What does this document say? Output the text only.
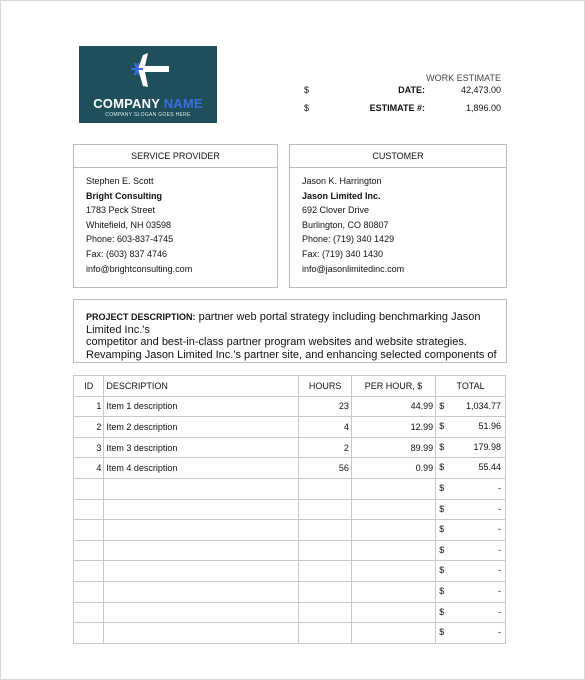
COMPANY NAME
COMPANY SLOGAN GOES HERE
WORK ESTIMATE
DATE:
$	42,473.00
ESTIMATE #:
$	1,896.00
SERVICE PROVIDER
Stephen E. Scott
Bright Consulting
1783 Peck Street
Whitefield, NH 03598
Phone: 603-837-4745
Fax: (603) 837 4746
info@brightconsulting.com
CUSTOMER
Jason K. Harrington
Jason Limited Inc.
692 Clover Drive
Burlington, CO 80807
Phone: (719) 340 1429
Fax: (719) 340 1430
info@jasonlimitedinc.com
PROJECT DESCRIPTION: partner web portal strategy including benchmarking Jason Limited Inc.'s
competitor and best-in-class partner program websites and website strategies.
Revamping Jason Limited Inc.'s partner site, and enhancing selected components of
ID	DESCRIPTION	HOURS	PER HOUR, $	TOTAL
1	Item 1 description	23	44.99	$ 1,034.77

2	Item 2 description	4	12.99	$ 51.96

3	Item 3 description	2	89.99	$ 179.98

4	Item 4 description	56	0.99	$ 55.44

				$ -

				$ -

				$ -

				$ -

				$ -

				$ -

				$ -

				$ -
